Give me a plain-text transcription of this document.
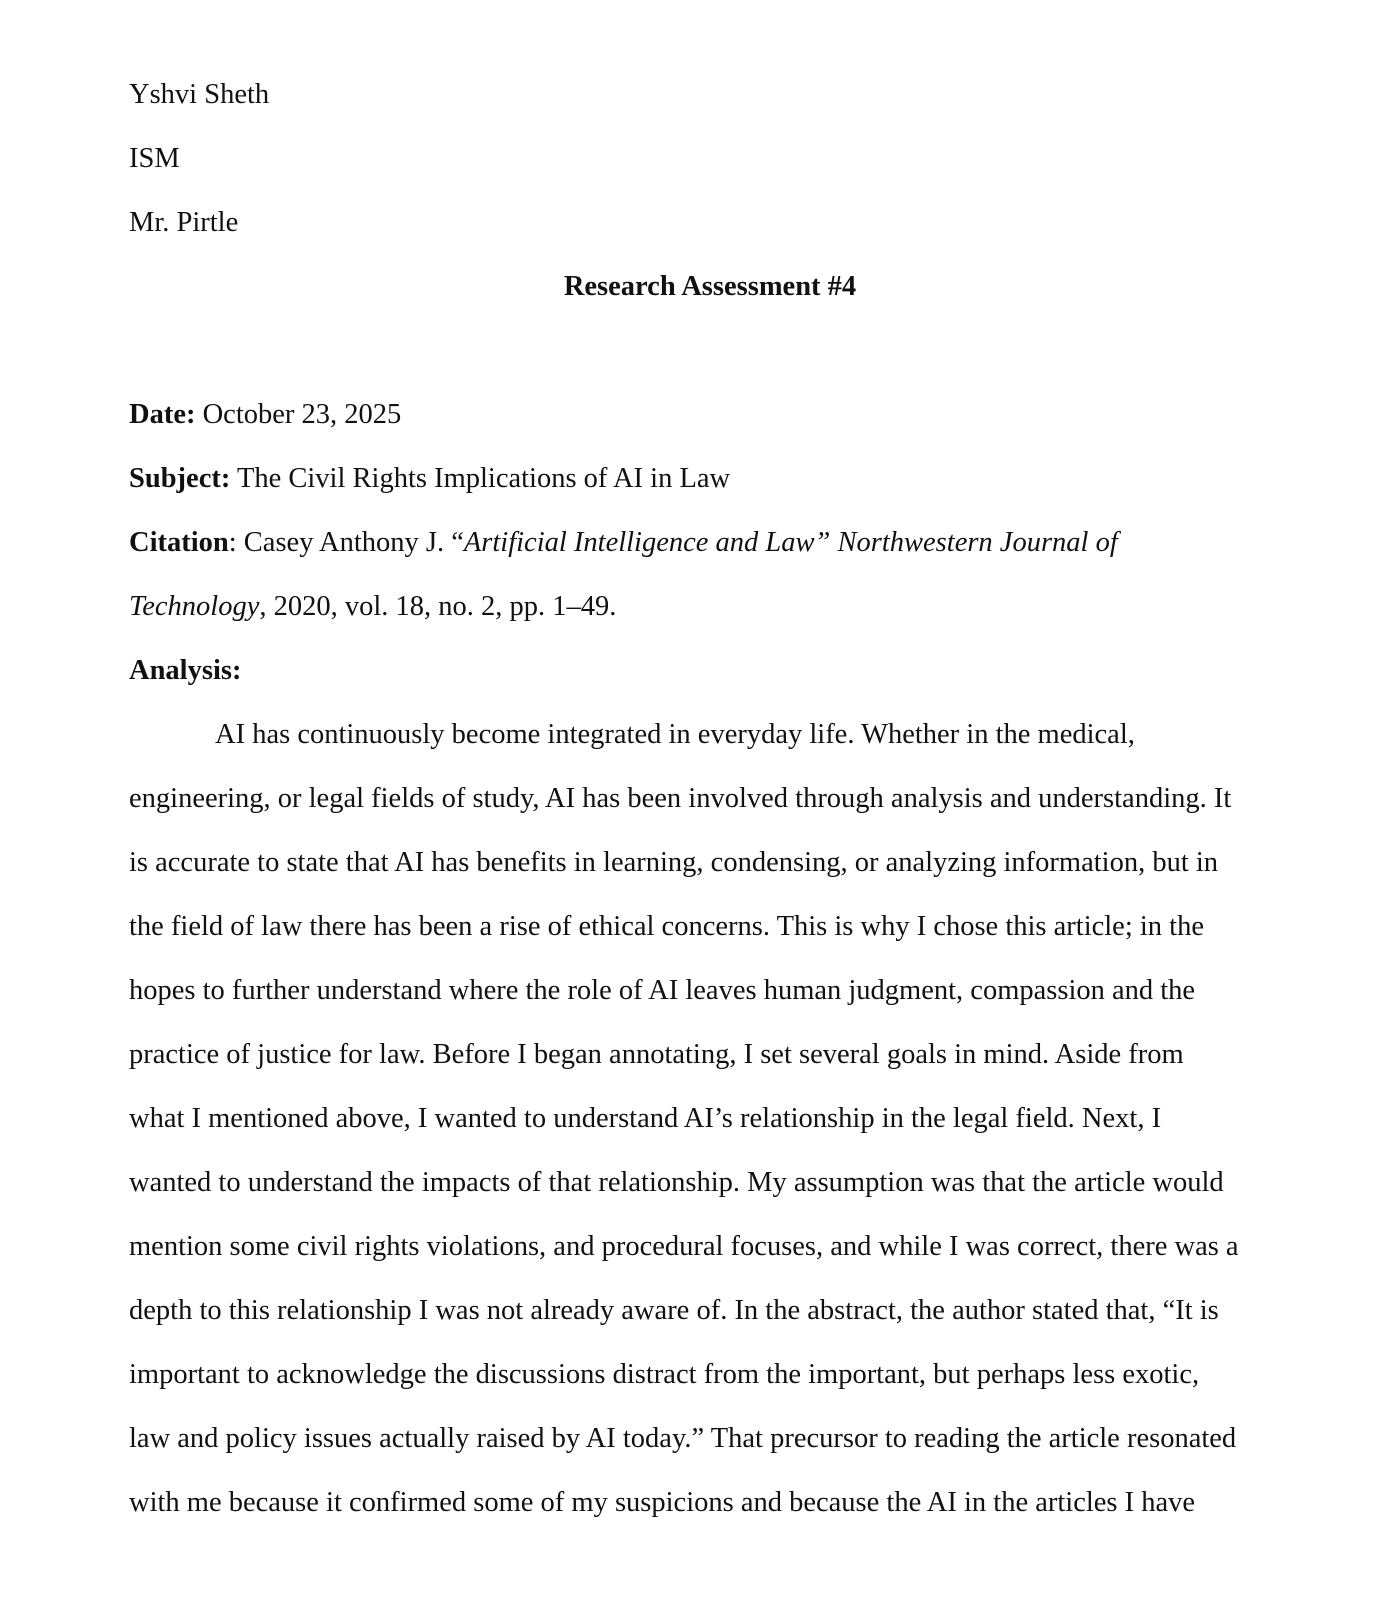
Yshvi Sheth
ISM
Mr. Pirtle
Research Assessment #4
Date: October 23, 2025
Subject: The Civil Rights Implications of AI in Law
Citation: Casey Anthony J. “Artificial Intelligence and Law” Northwestern Journal of
Technology, 2020, vol. 18, no. 2, pp. 1–49.
Analysis:
AI has continuously become integrated in everyday life. Whether in the medical,
engineering, or legal fields of study, AI has been involved through analysis and understanding. It
is accurate to state that AI has benefits in learning, condensing, or analyzing information, but in
the field of law there has been a rise of ethical concerns. This is why I chose this article; in the
hopes to further understand where the role of AI leaves human judgment, compassion and the
practice of justice for law. Before I began annotating, I set several goals in mind. Aside from
what I mentioned above, I wanted to understand AI’s relationship in the legal field. Next, I
wanted to understand the impacts of that relationship. My assumption was that the article would
mention some civil rights violations, and procedural focuses, and while I was correct, there was a
depth to this relationship I was not already aware of. In the abstract, the author stated that, “It is
important to acknowledge the discussions distract from the important, but perhaps less exotic,
law and policy issues actually raised by AI today.” That precursor to reading the article resonated
with me because it confirmed some of my suspicions and because the AI in the articles I have
